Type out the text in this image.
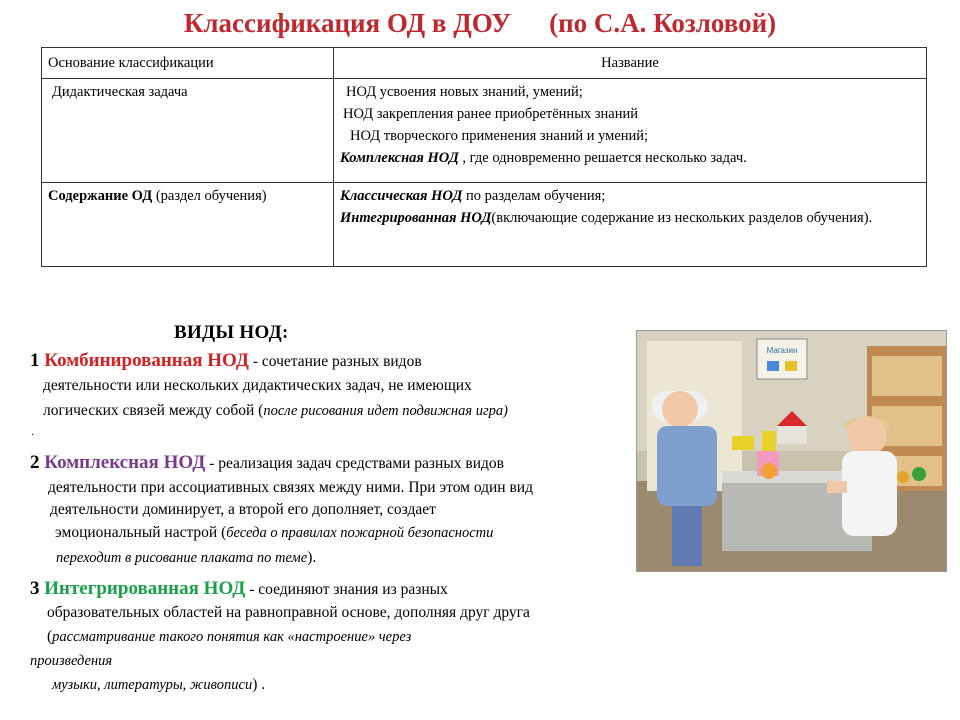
Классификация ОД в ДОУ (по С.А. Козловой)
Основание классификации	Название
Дидактическая задача	НОД усвоения новых знаний, умений;
НОД закрепления ранее приобретённых знаний
НОД творческого применения знаний и умений;
Комплексная НОД , где одновременно решается несколько задач.

Содержание ОД (раздел обучения)	Классическая НОД по разделам обучения;
Интегрированная НОД(включающие содержание из нескольких разделов обучения).
ВИДЫ НОД:
1 Комбинированная НОД - сочетание разных видов
деятельности или нескольких дидактических задач, не имеющих
логических связей между собой (после рисования идет подвижная игра)
.
2 Комплексная НОД - реализация задач средствами разных видов
деятельности при ассоциативных связях между ними. При этом один вид
деятельности доминирует, а второй его дополняет, создает
эмоциональный настрой (беседа о правилах пожарной безопасности
переходит в рисование плаката по теме).
3 Интегрированная НОД - соединяют знания из разных
образовательных областей на равноправной основе, дополняя друг друга
(рассматривание такого понятия как «настроение» через
произведения
музыки, литературы, живописи) .
Магазин
